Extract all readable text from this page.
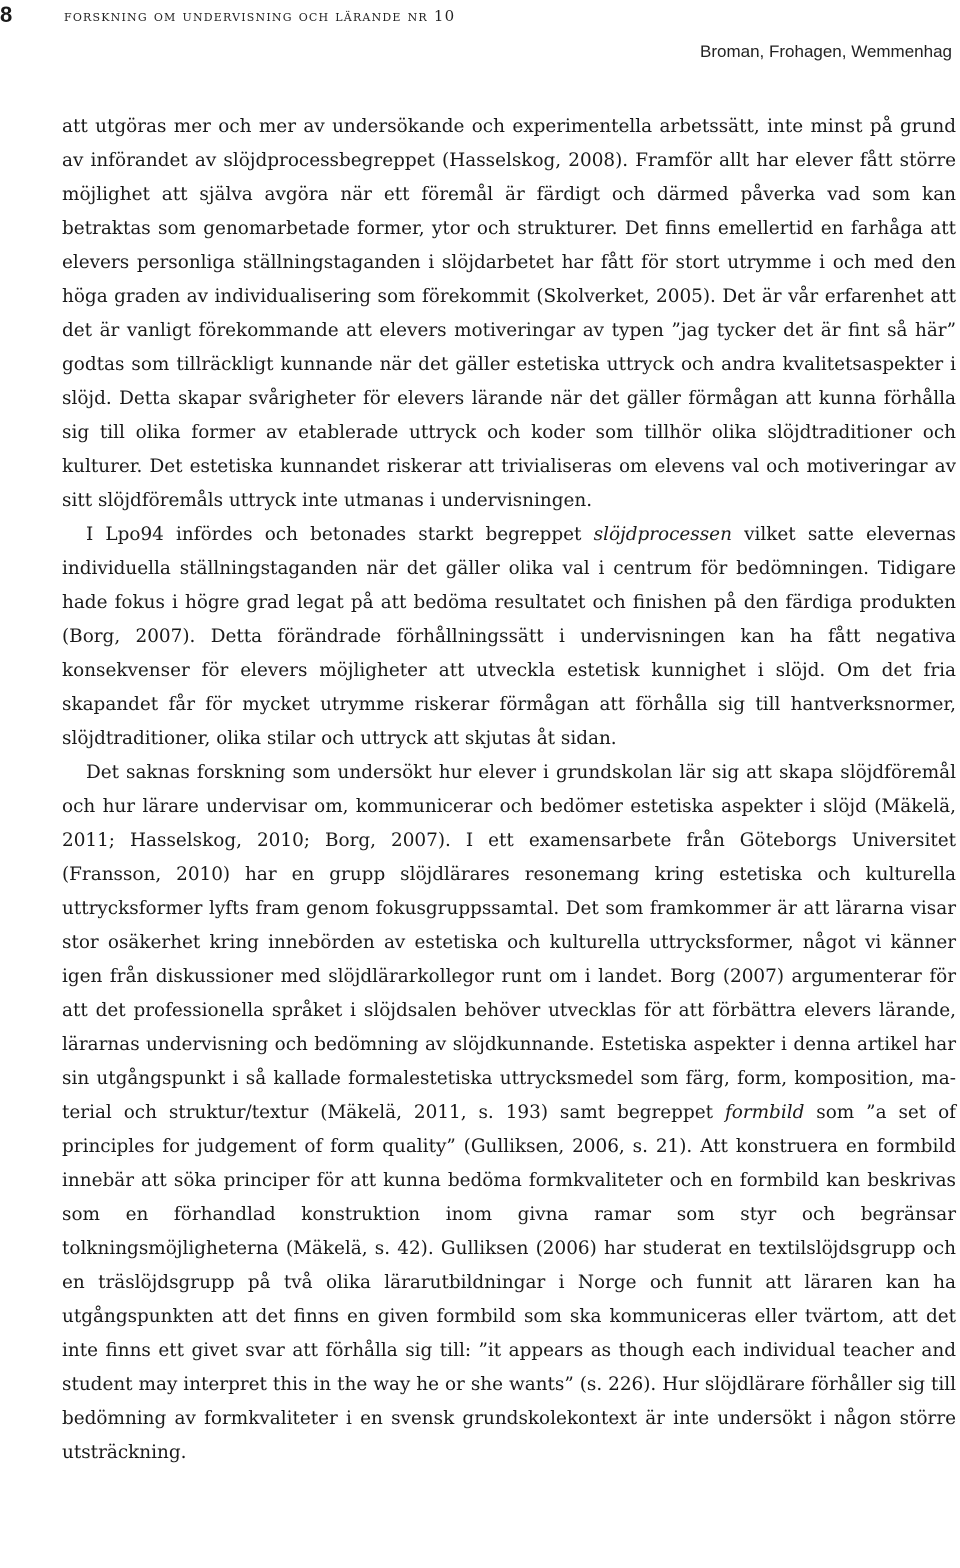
8	forskning om undervisning och lärande nr 10
Broman, Frohagen, Wemmenhag

att utgöras mer och mer av undersökande och experimentella arbetssätt, inte minst på grund av införandet av slöjdprocessbegreppet (Hasselskog, 2008). Framför allt har elever fått större möjlighet att själva avgöra när ett föremål är färdigt och därmed påverka vad som kan betraktas som genomarbetade former, ytor och strukturer. Det finns emellertid en farhåga att elevers personliga ställningstaganden i slöjdarbetet har fått för stort utrymme i och med den höga graden av individualisering som förekommit (Skolverket, 2005). Det är vår erfarenhet att det är vanligt förekommande att elevers motiveringar av typen ”jag tycker det är fint så här” godtas som tillräckligt kunnande när det gäller estetiska uttryck och andra kvalitetsaspekter i slöjd. Detta skapar svårigheter för elevers lärande när det gäller förmågan att kunna förhålla sig till olika former av etablerade uttryck och koder som tillhör olika slöjdtraditioner och kulturer. Det estetiska kunnandet riskerar att trivialiseras om elevens val och motiveringar av sitt slöjdföremåls uttryck inte utmanas i undervisningen.

I Lpo94 infördes och betonades starkt begreppet slöjdprocessen vilket satte elevernas individuella ställningstaganden när det gäller olika val i centrum för bedömningen. Tidigare hade fokus i högre grad legat på att bedöma resultatet och finishen på den färdiga produkten (Borg, 2007). Detta förändrade förhållningssätt i undervisningen kan ha fått negativa konsekvenser för elevers möjligheter att utveckla estetisk kunnighet i slöjd. Om det fria skapandet får för mycket utrymme riskerar förmågan att förhålla sig till hantverksnormer, slöjdtraditioner, olika stilar och uttryck att skjutas åt sidan.

Det saknas forskning som undersökt hur elever i grundskolan lär sig att skapa slöjdföremål och hur lärare undervisar om, kommunicerar och bedömer estetiska aspekter i slöjd (Mäkelä, 2011; Hasselskog, 2010; Borg, 2007). I ett examensarbete från Göteborgs Universitet (Fransson, 2010) har en grupp slöjdlärares resonemang kring estetiska och kulturella uttrycksformer lyfts fram genom fokusgruppssamtal. Det som framkommer är att lärarna visar stor osäkerhet kring innebörden av estetiska och kulturella uttrycksformer, något vi känner igen från diskussioner med slöjdlärarkollegor runt om i landet. Borg (2007) argumenterar för att det professionella språket i slöjdsalen behöver utvecklas för att förbättra elevers lärande, lärarnas undervisning och bedömning av slöjdkunnande. Estetiska aspekter i denna artikel har sin utgångspunkt i så kallade formalestetiska uttrycksmedel som färg, form, komposition, material och struktur/textur (Mäkelä, 2011, s. 193) samt begreppet formbild som ”a set of principles for judgement of form quality” (Gulliksen, 2006, s. 21). Att konstruera en formbild innebär att söka principer för att kunna bedöma formkvaliteter och en formbild kan beskrivas som en förhandlad konstruktion inom givna ramar som styr och begränsar tolkningsmöjligheterna (Mäkelä, s. 42). Gulliksen (2006) har studerat en textilslöjdsgrupp och en träslöjdsgrupp på två olika lärarutbildningar i Norge och funnit att läraren kan ha utgångspunkten att det finns en given formbild som ska kommuniceras eller tvärtom, att det inte finns ett givet svar att förhålla sig till: ”it appears as though each individual teacher and student may interpret this in the way he or she wants” (s. 226). Hur slöjdlärare förhåller sig till bedömning av formkvaliteter i en svensk grundskolekontext är inte undersökt i någon större utsträckning.
